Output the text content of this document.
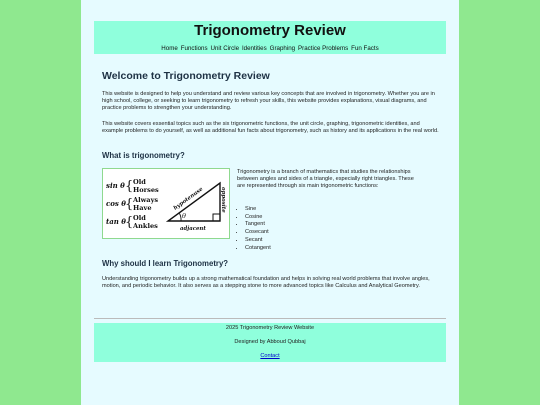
Trigonometry Review
Home Functions Unit Circle Identities Graphing Practice Problems Fun Facts
Welcome to Trigonometry Review

This website is designed to help you understand and review various key concepts that are involved in trigonometry. Whether you are in high school, college, or seeking to learn trigonometry to refresh your skills, this website provides explanations, visual diagrams, and practice problems to strengthen your understanding.

This website covers essential topics such as the six trigonometric functions, the unit circle, graphing, trigonometric identities, and example problems to do yourself, as well as additional fun facts about trigonometry, such as history and its applications in the real world.

What is trigonometry?
sin θ
cos θ
tan θ
{
{
{
Old
Horses
Always
Have
Old
Ankles
θ
hypotenuse	opposite
adjacent

Trigonometry is a branch of mathematics that studies the relationships between angles and sides of a triangle, especially right triangles. These are represented through six main trigonometric functions:

• Sine
• Cosine
• Tangent
• Cosecant
• Secant
• Cotangent
Why should I learn Trigonometry?

Understanding trigonometry builds up a strong mathematical foundation and helps in solving real world problems that involve angles, motion, and periodic behavior. It also serves as a stepping stone to more advanced topics like Calculus and Analytical Geometry.

2025 Trigonometry Review Website
Designed by Abboud Qubbaj
Contact
